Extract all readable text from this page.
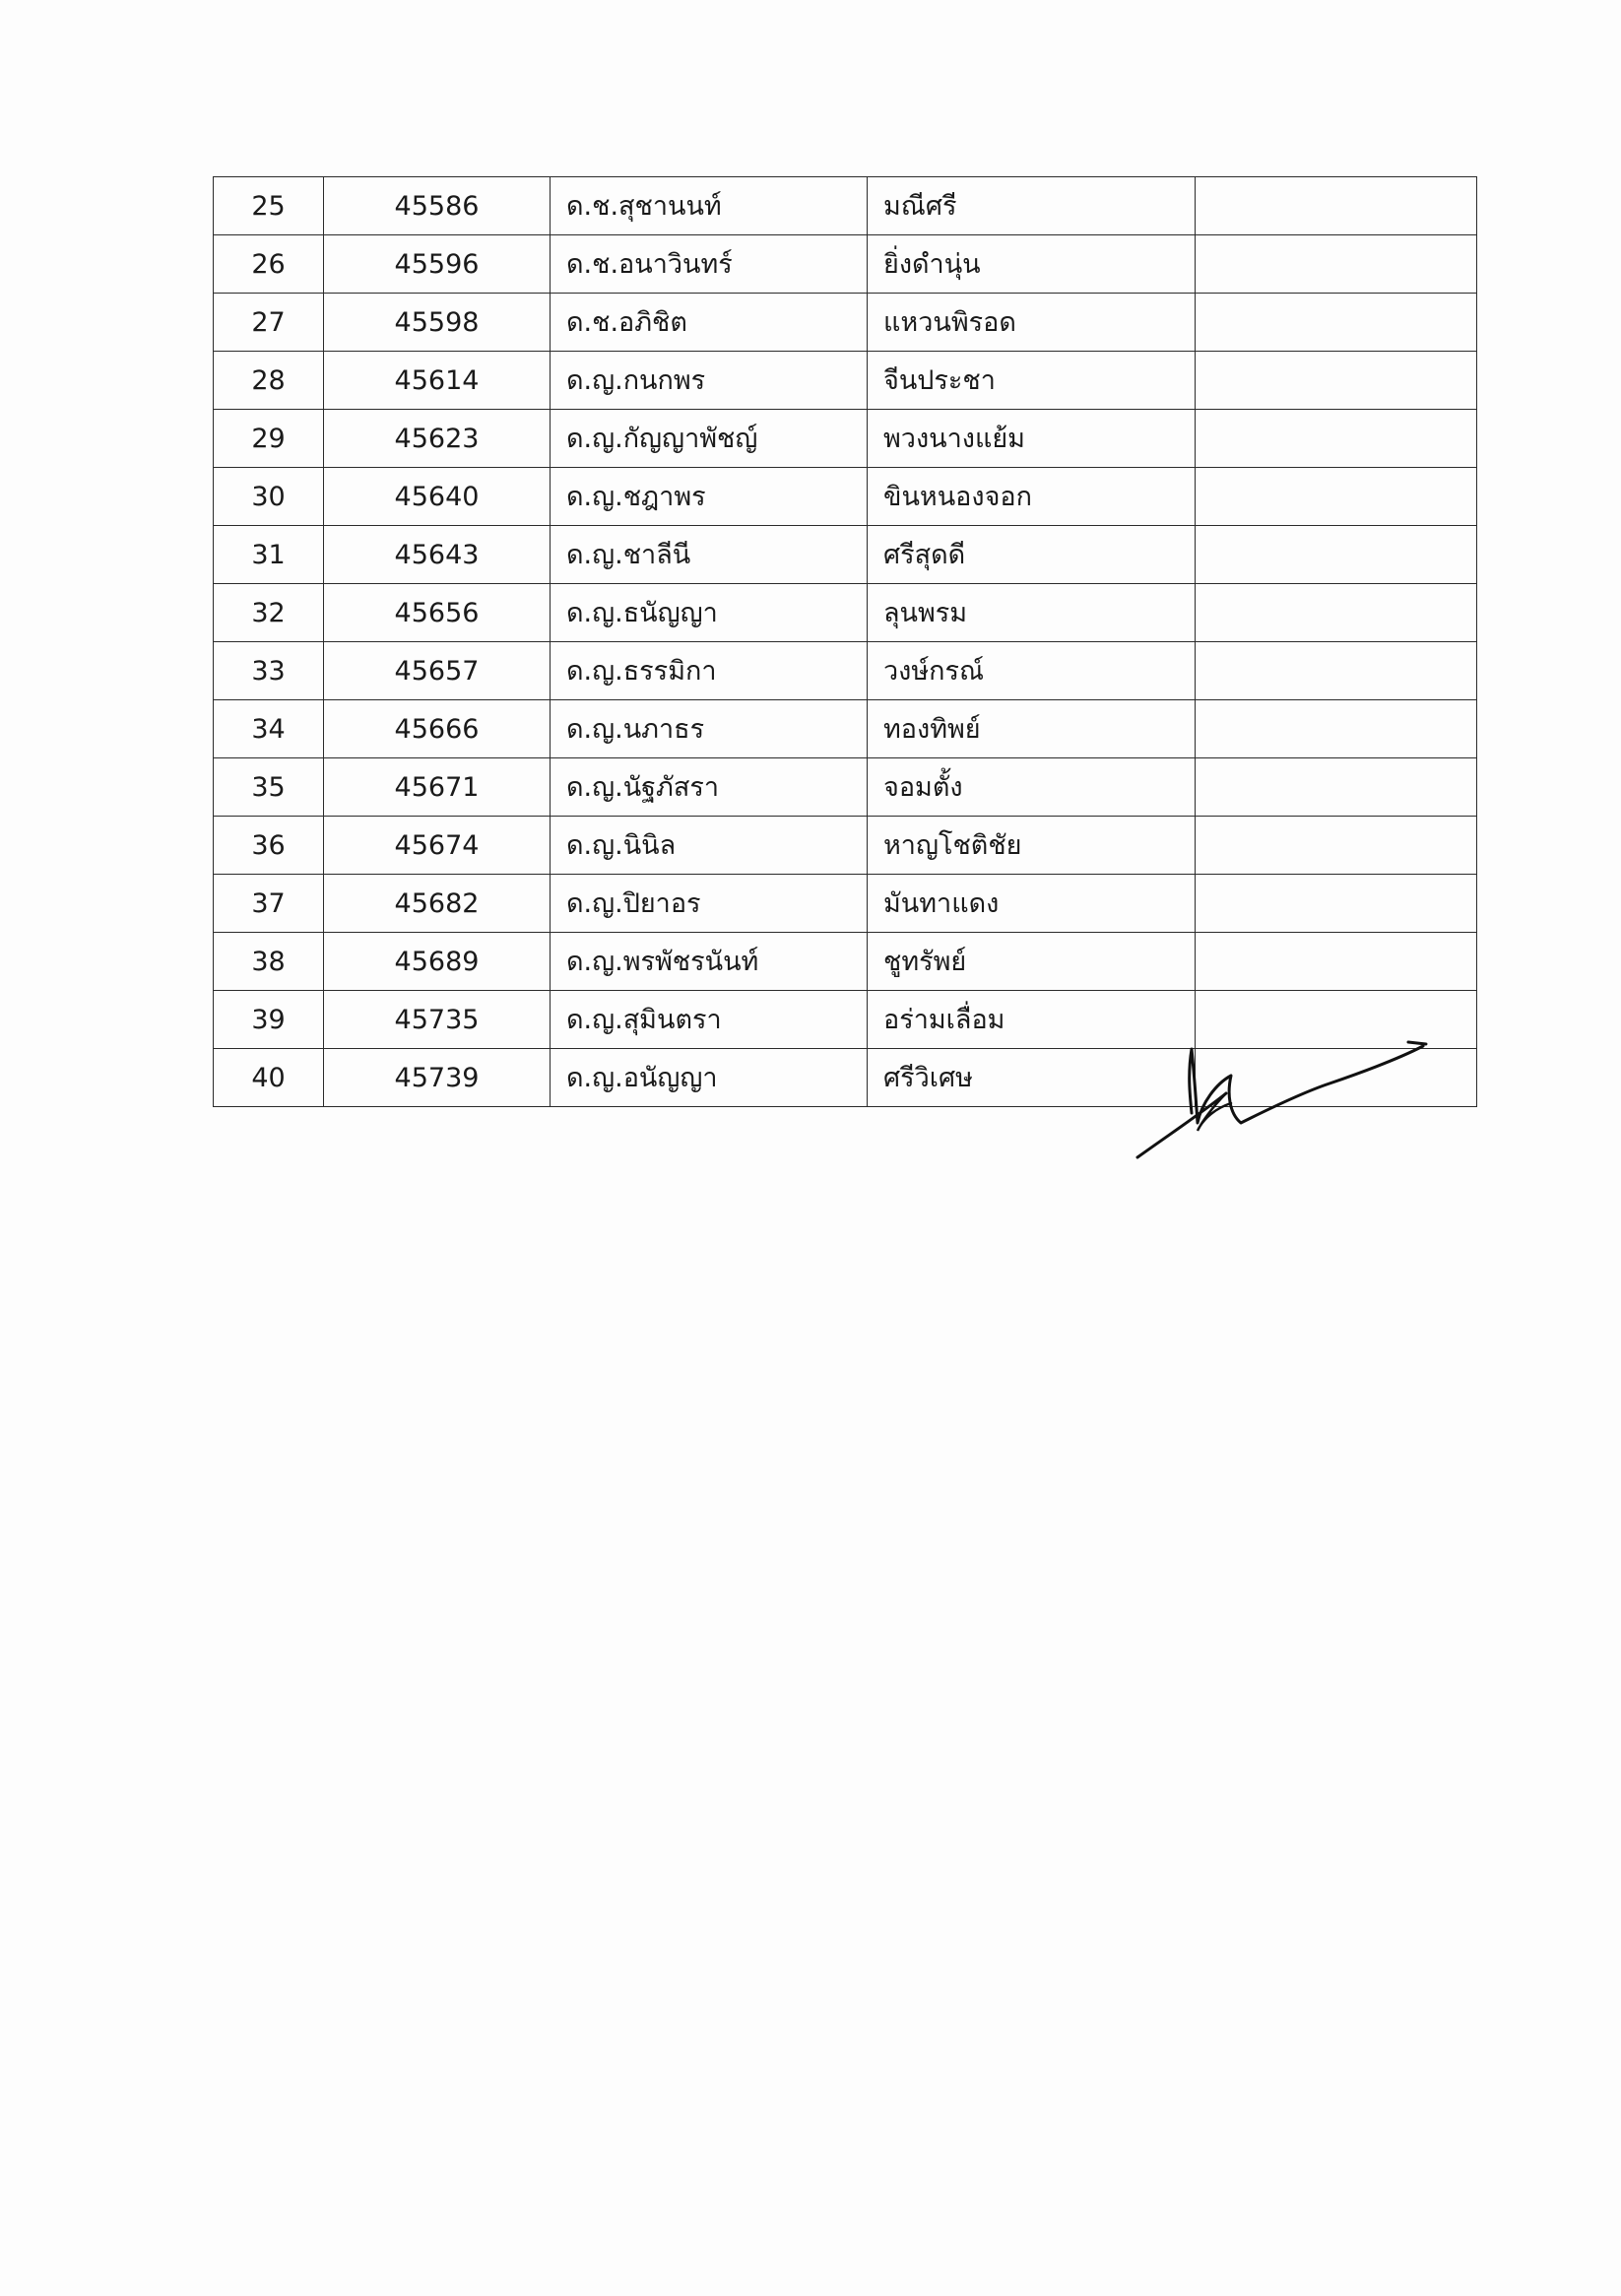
25	45586	ด.ช.สุชานนท์	มณีศรี	
26	45596	ด.ช.อนาวินทร์	ยิ่งดำนุ่น	
27	45598	ด.ช.อภิชิต	แหวนพิรอด	
28	45614	ด.ญ.กนกพร	จีนประชา	
29	45623	ด.ญ.กัญญาพัชญ์	พวงนางแย้ม	
30	45640	ด.ญ.ชฎาพร	ขินหนองจอก	
31	45643	ด.ญ.ชาลีนี	ศรีสุดดี	
32	45656	ด.ญ.ธนัญญา	ลุนพรม	
33	45657	ด.ญ.ธรรมิกา	วงษ์กรณ์	
34	45666	ด.ญ.นภาธร	ทองทิพย์	
35	45671	ด.ญ.นัฐภัสรา	จอมตั้ง	
36	45674	ด.ญ.นินิล	หาญโชติชัย	
37	45682	ด.ญ.ปิยาอร	มันทาแดง	
38	45689	ด.ญ.พรพัชรนันท์	ชูทรัพย์	
39	45735	ด.ญ.สุมินตรา	อร่ามเลื่อม	
40	45739	ด.ญ.อนัญญา	ศรีวิเศษ	
